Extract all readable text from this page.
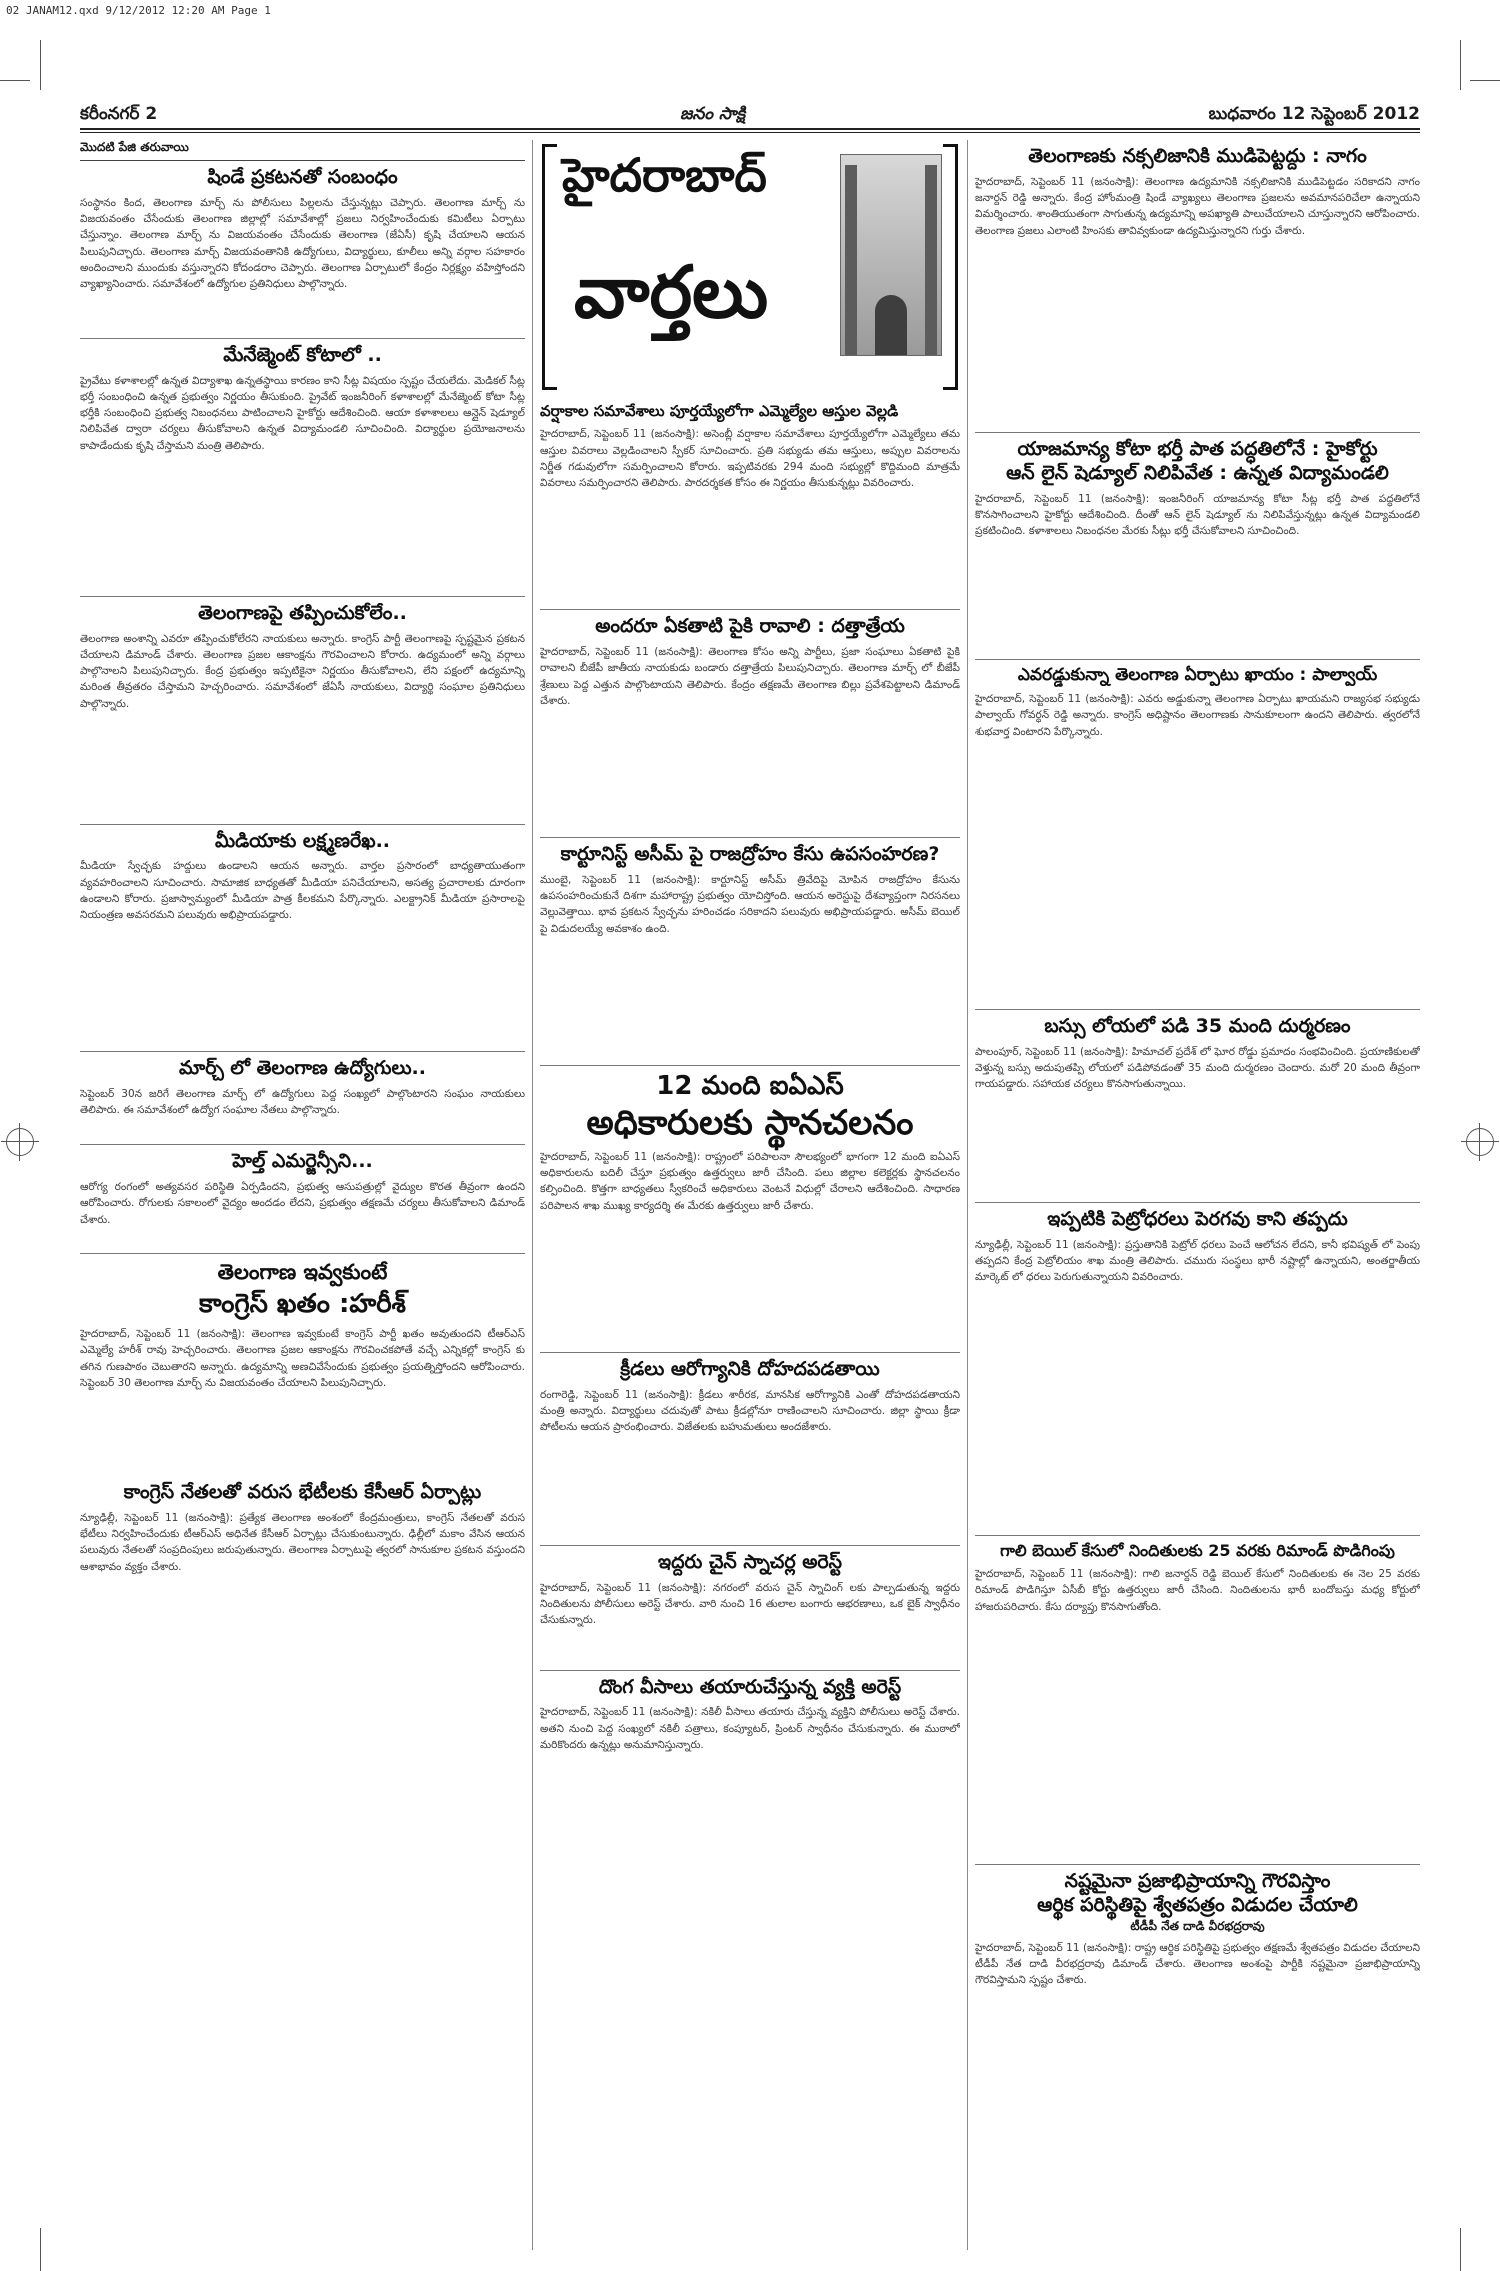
02 JANAM12.qxd 9/12/2012 12:20 AM Page 1
కరీంనగర్ 2	జనం సాక్షి	బుధవారం 12 సెప్టెంబర్ 2012
మొదటి పేజి తరువాయి
షిండే ప్రకటనతో సంబంధం
సంస్థానం కింద, తెలంగాణ మార్చ్ ను పోలీసులు పిల్లలను చేస్తున్నట్లు చెప్పారు. తెలంగాణ మార్చ్ ను విజయవంతం చేసేందుకు తెలంగాణ జిల్లాల్లో సమావేశాల్లో ప్రజలు నిర్వహించేందుకు కమిటీలు ఏర్పాటు చేస్తున్నాం. తెలంగాణ మార్చ్ ను విజయవంతం చేసేందుకు తెలంగాణ (జేఏసీ) కృషి చేయాలని ఆయన పిలుపునిచ్చారు. తెలంగాణ మార్చ్ విజయవంతానికి ఉద్యోగులు, విద్యార్థులు, కూలీలు అన్ని వర్గాల సహకారం అందించాలని ముందుకు వస్తున్నారని కోదండరాం చెప్పారు. తెలంగాణ ఏర్పాటులో కేంద్రం నిర్లక్ష్యం వహిస్తోందని వ్యాఖ్యానించారు. సమావేశంలో ఉద్యోగుల ప్రతినిధులు పాల్గొన్నారు.
మేనేజ్మెంట్ కోటాలో ..
ప్రైవేటు కళాశాలల్లో ఉన్నత విద్యాశాఖ ఉన్నతస్థాయి కారణం కాని సీట్ల విషయం స్పష్టం చేయలేదు. మెడికల్ సీట్ల భర్తీ సంబంధించి ఉన్నత ప్రభుత్వం నిర్ణయం తీసుకుంది. ప్రైవేట్ ఇంజనీరింగ్ కళాశాలల్లో మేనేజ్మెంట్ కోటా సీట్ల భర్తీకి సంబంధించి ప్రభుత్వ నిబంధనలు పాటించాలని హైకోర్టు ఆదేశించింది. ఆయా కళాశాలలు ఆన్లైన్ షెడ్యూల్ నిలిపివేత ద్వారా చర్యలు తీసుకోవాలని ఉన్నత విద్యామండలి సూచించింది. విద్యార్థుల ప్రయోజనాలను కాపాడేందుకు కృషి చేస్తామని మంత్రి తెలిపారు.
తెలంగాణపై తప్పించుకోలేం..
తెలంగాణ అంశాన్ని ఎవరూ తప్పించుకోలేరని నాయకులు అన్నారు. కాంగ్రెస్ పార్టీ తెలంగాణపై స్పష్టమైన ప్రకటన చేయాలని డిమాండ్ చేశారు. తెలంగాణ ప్రజల ఆకాంక్షను గౌరవించాలని కోరారు. ఉద్యమంలో అన్ని వర్గాలు పాల్గొనాలని పిలుపునిచ్చారు. కేంద్ర ప్రభుత్వం ఇప్పటికైనా నిర్ణయం తీసుకోవాలని, లేని పక్షంలో ఉద్యమాన్ని మరింత తీవ్రతరం చేస్తామని హెచ్చరించారు. సమావేశంలో జేఏసీ నాయకులు, విద్యార్థి సంఘాల ప్రతినిధులు పాల్గొన్నారు.
మీడియాకు లక్ష్మణరేఖ..
మీడియా స్వేచ్ఛకు హద్దులు ఉండాలని ఆయన అన్నారు. వార్తల ప్రసారంలో బాధ్యతాయుతంగా వ్యవహరించాలని సూచించారు. సామాజిక బాధ్యతతో మీడియా పనిచేయాలని, అసత్య ప్రచారాలకు దూరంగా ఉండాలని కోరారు. ప్రజాస్వామ్యంలో మీడియా పాత్ర కీలకమని పేర్కొన్నారు. ఎలక్ట్రానిక్ మీడియా ప్రసారాలపై నియంత్రణ అవసరమని పలువురు అభిప్రాయపడ్డారు.
మార్చ్ లో తెలంగాణ ఉద్యోగులు..
సెప్టెంబర్ 30న జరిగే తెలంగాణ మార్చ్ లో ఉద్యోగులు పెద్ద సంఖ్యలో పాల్గొంటారని సంఘం నాయకులు తెలిపారు. ఈ సమావేశంలో ఉద్యోగ సంఘాల నేతలు పాల్గొన్నారు.
హెల్త్ ఎమర్జెన్సీని...
ఆరోగ్య రంగంలో అత్యవసర పరిస్థితి ఏర్పడిందని, ప్రభుత్వ ఆసుపత్రుల్లో వైద్యుల కొరత తీవ్రంగా ఉందని ఆరోపించారు. రోగులకు సకాలంలో వైద్యం అందడం లేదని, ప్రభుత్వం తక్షణమే చర్యలు తీసుకోవాలని డిమాండ్ చేశారు.
తెలంగాణ ఇవ్వకుంటే
కాంగ్రెస్ ఖతం :హరీశ్
హైదరాబాద్, సెప్టెంబర్ 11 (జనంసాక్షి): తెలంగాణ ఇవ్వకుంటే కాంగ్రెస్ పార్టీ ఖతం అవుతుందని టీఆర్ఎస్ ఎమ్మెల్యే హరీశ్ రావు హెచ్చరించారు. తెలంగాణ ప్రజల ఆకాంక్షను గౌరవించకపోతే వచ్చే ఎన్నికల్లో కాంగ్రెస్ కు తగిన గుణపాఠం చెబుతారని అన్నారు. ఉద్యమాన్ని అణచివేసేందుకు ప్రభుత్వం ప్రయత్నిస్తోందని ఆరోపించారు. సెప్టెంబర్ 30 తెలంగాణ మార్చ్ ను విజయవంతం చేయాలని పిలుపునిచ్చారు.
కాంగ్రెస్ నేతలతో వరుస భేటీలకు కేసీఆర్ ఏర్పాట్లు
న్యూఢిల్లీ, సెప్టెంబర్ 11 (జనంసాక్షి): ప్రత్యేక తెలంగాణ అంశంలో కేంద్రమంత్రులు, కాంగ్రెస్ నేతలతో వరుస భేటీలు నిర్వహించేందుకు టీఆర్ఎస్ అధినేత కేసీఆర్ ఏర్పాట్లు చేసుకుంటున్నారు. ఢిల్లీలో మకాం వేసిన ఆయన పలువురు నేతలతో సంప్రదింపులు జరుపుతున్నారు. తెలంగాణ ఏర్పాటుపై త్వరలో సానుకూల ప్రకటన వస్తుందని ఆశాభావం వ్యక్తం చేశారు.
హైదరాబాద్
వార్తలు
వర్షాకాల సమావేశాలు పూర్తయ్యేలోగా ఎమ్మెల్యేల ఆస్తుల వెల్లడి
హైదరాబాద్, సెప్టెంబర్ 11 (జనంసాక్షి): అసెంబ్లీ వర్షాకాల సమావేశాలు పూర్తయ్యేలోగా ఎమ్మెల్యేలు తమ ఆస్తుల వివరాలు వెల్లడించాలని స్పీకర్ సూచించారు. ప్రతి సభ్యుడు తమ ఆస్తులు, అప్పుల వివరాలను నిర్ణీత గడువులోగా సమర్పించాలని కోరారు. ఇప్పటివరకు 294 మంది సభ్యుల్లో కొద్దిమంది మాత్రమే వివరాలు సమర్పించారని తెలిపారు. పారదర్శకత కోసం ఈ నిర్ణయం తీసుకున్నట్లు వివరించారు.
అందరూ ఏకతాటి పైకి రావాలి : దత్తాత్రేయ
హైదరాబాద్, సెప్టెంబర్ 11 (జనంసాక్షి): తెలంగాణ కోసం అన్ని పార్టీలు, ప్రజా సంఘాలు ఏకతాటి పైకి రావాలని బీజేపీ జాతీయ నాయకుడు బండారు దత్తాత్రేయ పిలుపునిచ్చారు. తెలంగాణ మార్చ్ లో బీజేపీ శ్రేణులు పెద్ద ఎత్తున పాల్గొంటాయని తెలిపారు. కేంద్రం తక్షణమే తెలంగాణ బిల్లు ప్రవేశపెట్టాలని డిమాండ్ చేశారు.
కార్టూనిస్ట్ అసీమ్ పై రాజద్రోహం కేసు ఉపసంహరణ?
ముంబై, సెప్టెంబర్ 11 (జనంసాక్షి): కార్టూనిస్ట్ అసీమ్ త్రివేదిపై మోపిన రాజద్రోహం కేసును ఉపసంహరించుకునే దిశగా మహారాష్ట్ర ప్రభుత్వం యోచిస్తోంది. ఆయన అరెస్టుపై దేశవ్యాప్తంగా నిరసనలు వెల్లువెత్తాయి. భావ ప్రకటన స్వేచ్ఛను హరించడం సరికాదని పలువురు అభిప్రాయపడ్డారు. అసీమ్ బెయిల్ పై విడుదలయ్యే అవకాశం ఉంది.
12 మంది ఐఏఎస్
అధికారులకు స్థానచలనం
హైదరాబాద్, సెప్టెంబర్ 11 (జనంసాక్షి): రాష్ట్రంలో పరిపాలనా సౌలభ్యంలో భాగంగా 12 మంది ఐఏఎస్ అధికారులను బదిలీ చేస్తూ ప్రభుత్వం ఉత్తర్వులు జారీ చేసింది. పలు జిల్లాల కలెక్టర్లకు స్థానచలనం కల్పించింది. కొత్తగా బాధ్యతలు స్వీకరించే అధికారులు వెంటనే విధుల్లో చేరాలని ఆదేశించింది. సాధారణ పరిపాలన శాఖ ముఖ్య కార్యదర్శి ఈ మేరకు ఉత్తర్వులు జారీ చేశారు.
క్రీడలు ఆరోగ్యానికి దోహదపడతాయి
రంగారెడ్డి, సెప్టెంబర్ 11 (జనంసాక్షి): క్రీడలు శారీరక, మానసిక ఆరోగ్యానికి ఎంతో దోహదపడతాయని మంత్రి అన్నారు. విద్యార్థులు చదువుతో పాటు క్రీడల్లోనూ రాణించాలని సూచించారు. జిల్లా స్థాయి క్రీడా పోటీలను ఆయన ప్రారంభించారు. విజేతలకు బహుమతులు అందజేశారు.
ఇద్దరు చైన్ స్నాచర్ల అరెస్ట్
హైదరాబాద్, సెప్టెంబర్ 11 (జనంసాక్షి): నగరంలో వరుస చైన్ స్నాచింగ్ లకు పాల్పడుతున్న ఇద్దరు నిందితులను పోలీసులు అరెస్ట్ చేశారు. వారి నుంచి 16 తులాల బంగారు ఆభరణాలు, ఒక బైక్ స్వాధీనం చేసుకున్నారు.
దొంగ వీసాలు తయారుచేస్తున్న వ్యక్తి అరెస్ట్
హైదరాబాద్, సెప్టెంబర్ 11 (జనంసాక్షి): నకిలీ వీసాలు తయారు చేస్తున్న వ్యక్తిని పోలీసులు అరెస్ట్ చేశారు. అతని నుంచి పెద్ద సంఖ్యలో నకిలీ పత్రాలు, కంప్యూటర్, ప్రింటర్ స్వాధీనం చేసుకున్నారు. ఈ ముఠాలో మరికొందరు ఉన్నట్లు అనుమానిస్తున్నారు.
తెలంగాణకు నక్సలిజానికి ముడిపెట్టద్దు : నాగం
హైదరాబాద్, సెప్టెంబర్ 11 (జనంసాక్షి): తెలంగాణ ఉద్యమానికి నక్సలిజానికి ముడిపెట్టడం సరికాదని నాగం జనార్దన్ రెడ్డి అన్నారు. కేంద్ర హోంమంత్రి షిండే వ్యాఖ్యలు తెలంగాణ ప్రజలను అవమానపరిచేలా ఉన్నాయని విమర్శించారు. శాంతియుతంగా సాగుతున్న ఉద్యమాన్ని అపఖ్యాతి పాలుచేయాలని చూస్తున్నారని ఆరోపించారు. తెలంగాణ ప్రజలు ఎలాంటి హింసకు తావివ్వకుండా ఉద్యమిస్తున్నారని గుర్తు చేశారు.
యాజమాన్య కోటా భర్తీ పాత పద్ధతిలోనే : హైకోర్టు
ఆన్ లైన్ షెడ్యూల్ నిలిపివేత : ఉన్నత విద్యామండలి
హైదరాబాద్, సెప్టెంబర్ 11 (జనంసాక్షి): ఇంజనీరింగ్ యాజమాన్య కోటా సీట్ల భర్తీ పాత పద్ధతిలోనే కొనసాగించాలని హైకోర్టు ఆదేశించింది. దీంతో ఆన్ లైన్ షెడ్యూల్ ను నిలిపివేస్తున్నట్లు ఉన్నత విద్యామండలి ప్రకటించింది. కళాశాలలు నిబంధనల మేరకు సీట్లు భర్తీ చేసుకోవాలని సూచించింది.
ఎవరడ్డుకున్నా తెలంగాణ ఏర్పాటు ఖాయం : పాల్వాయ్
హైదరాబాద్, సెప్టెంబర్ 11 (జనంసాక్షి): ఎవరు అడ్డుకున్నా తెలంగాణ ఏర్పాటు ఖాయమని రాజ్యసభ సభ్యుడు పాల్వాయ్ గోవర్ధన్ రెడ్డి అన్నారు. కాంగ్రెస్ అధిష్టానం తెలంగాణకు సానుకూలంగా ఉందని తెలిపారు. త్వరలోనే శుభవార్త వింటారని పేర్కొన్నారు.
బస్సు లోయలో పడి 35 మంది దుర్మరణం
పాలంపూర్, సెప్టెంబర్ 11 (జనంసాక్షి): హిమాచల్ ప్రదేశ్ లో ఘోర రోడ్డు ప్రమాదం సంభవించింది. ప్రయాణికులతో వెళ్తున్న బస్సు అదుపుతప్పి లోయలో పడిపోవడంతో 35 మంది దుర్మరణం చెందారు. మరో 20 మంది తీవ్రంగా గాయపడ్డారు. సహాయక చర్యలు కొనసాగుతున్నాయి.
ఇప్పటికి పెట్రోధరలు పెరగవు కాని తప్పదు
న్యూఢిల్లీ, సెప్టెంబర్ 11 (జనంసాక్షి): ప్రస్తుతానికి పెట్రోల్ ధరలు పెంచే ఆలోచన లేదని, కానీ భవిష్యత్ లో పెంపు తప్పదని కేంద్ర పెట్రోలియం శాఖ మంత్రి తెలిపారు. చమురు సంస్థలు భారీ నష్టాల్లో ఉన్నాయని, అంతర్జాతీయ మార్కెట్ లో ధరలు పెరుగుతున్నాయని వివరించారు.
గాలి బెయిల్ కేసులో నిందితులకు 25 వరకు రిమాండ్ పొడిగింపు
హైదరాబాద్, సెప్టెంబర్ 11 (జనంసాక్షి): గాలి జనార్దన్ రెడ్డి బెయిల్ కేసులో నిందితులకు ఈ నెల 25 వరకు రిమాండ్ పొడిగిస్తూ ఏసీబీ కోర్టు ఉత్తర్వులు జారీ చేసింది. నిందితులను భారీ బందోబస్తు మధ్య కోర్టులో హాజరుపరిచారు. కేసు దర్యాప్తు కొనసాగుతోంది.
నష్టమైనా ప్రజాభిప్రాయాన్ని గౌరవిస్తాం
ఆర్థిక పరిస్థితిపై శ్వేతపత్రం విడుదల చేయాలి
టీడీపీ నేత దాడి వీరభద్రరావు
హైదరాబాద్, సెప్టెంబర్ 11 (జనంసాక్షి): రాష్ట్ర ఆర్థిక పరిస్థితిపై ప్రభుత్వం తక్షణమే శ్వేతపత్రం విడుదల చేయాలని టీడీపీ నేత దాడి వీరభద్రరావు డిమాండ్ చేశారు. తెలంగాణ అంశంపై పార్టీకి నష్టమైనా ప్రజాభిప్రాయాన్ని గౌరవిస్తామని స్పష్టం చేశారు.
